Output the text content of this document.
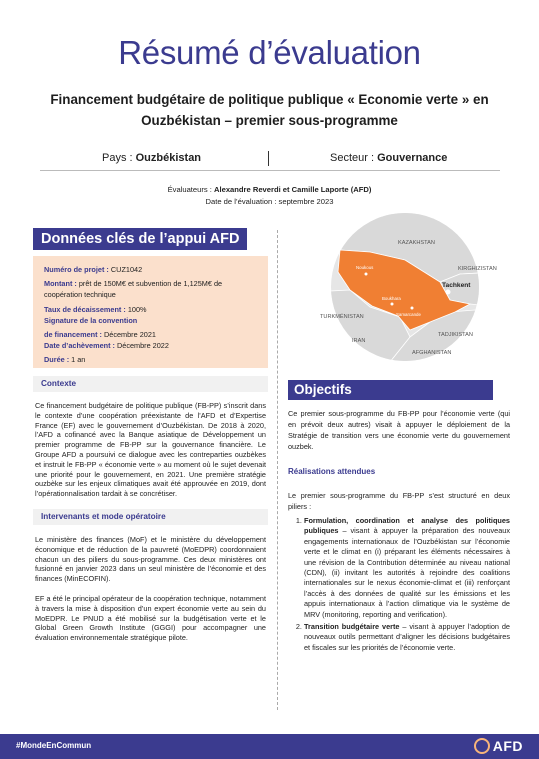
Résumé d’évaluation
Financement budgétaire de politique publique « Economie verte » en Ouzbékistan – premier sous-programme
Pays : Ouzbékistan	Secteur : Gouvernance
Évaluateurs : Alexandre Reverdi et Camille Laporte (AFD)
Date de l’évaluation : septembre 2023
Données clés de l’appui AFD
Numéro de projet : CUZ1042
Montant : prêt de 150M€ et subvention de 1,125M€ de coopération technique
Taux de décaissement : 100%
Signature de la convention
de financement : Décembre 2021
Date d’achèvement : Décembre 2022
Durée : 1 an
Contexte
Ce financement budgétaire de politique publique (FB-PP) s’inscrit dans le contexte d’une coopération préexistante de l’AFD et d’Expertise France (EF) avec le gouvernement d’Ouzbékistan. De 2018 à 2020, l’AFD a cofinancé avec la Banque asiatique de Développement un premier programme de FB-PP sur la gouvernance financière. Le Groupe AFD a poursuivi ce dialogue avec les contreparties ouzbèkes et instruit le FB-PP « économie verte » au moment où le sujet devenait une priorité pour le gouvernement, en 2021. Une première stratégie ouzbèke sur les enjeux climatiques avait été approuvée en 2019, dont l’opérationnalisation tardait à se concrétiser.
Intervenants et mode opératoire
Le ministère des finances (MoF) et le ministère du développement économique et de réduction de la pauvreté (MoEDPR) coordonnaient chacun un des piliers du sous-programme. Ces deux ministères ont fusionné en janvier 2023 dans un seul ministère de l’économie et des finances (MinECOFIN).
EF a été le principal opérateur de la coopération technique, notamment à travers la mise à disposition d’un expert économie verte au sein du MoEDPR. Le PNUD a été mobilisé sur la budgétisation verte et le Global Green Growth Institute (GGGI) pour accompagner une évaluation environnementale stratégique pilote.
KAZAKHSTAN
KIRGHIZISTAN
Tachkent
Noukous
Boukhara
Samarcande
TURKMÉNISTAN
TADJIKISTAN
IRAN
AFGHANISTAN
Objectifs
Ce premier sous-programme du FB-PP pour l’économie verte (qui en prévoit deux autres) visait à appuyer le déploiement de la Stratégie de transition vers une économie verte du gouvernement ouzbek.
Réalisations attendues
Le premier sous-programme du FB-PP s’est structuré en deux piliers :
1. Formulation, coordination et analyse des politiques publiques – visant à appuyer la préparation des nouveaux engagements internationaux de l’Ouzbékistan sur l’économie verte et le climat en (i) préparant les éléments nécessaires à une révision de la Contribution déterminée au niveau national (CDN), (ii) invitant les autorités à rejoindre des coalitions internationales sur le nexus économie-climat et (iii) renforçant l’accès à des données de qualité sur les émissions et les appuis internationaux à l’action climatique via le système de MRV (monitoring, reporting and verification).
2. Transition budgétaire verte – visant à appuyer l’adoption de nouveaux outils permettant d’aligner les décisions budgétaires et fiscales sur les priorités de l’économie verte.
#MondeEnCommun	AFD
